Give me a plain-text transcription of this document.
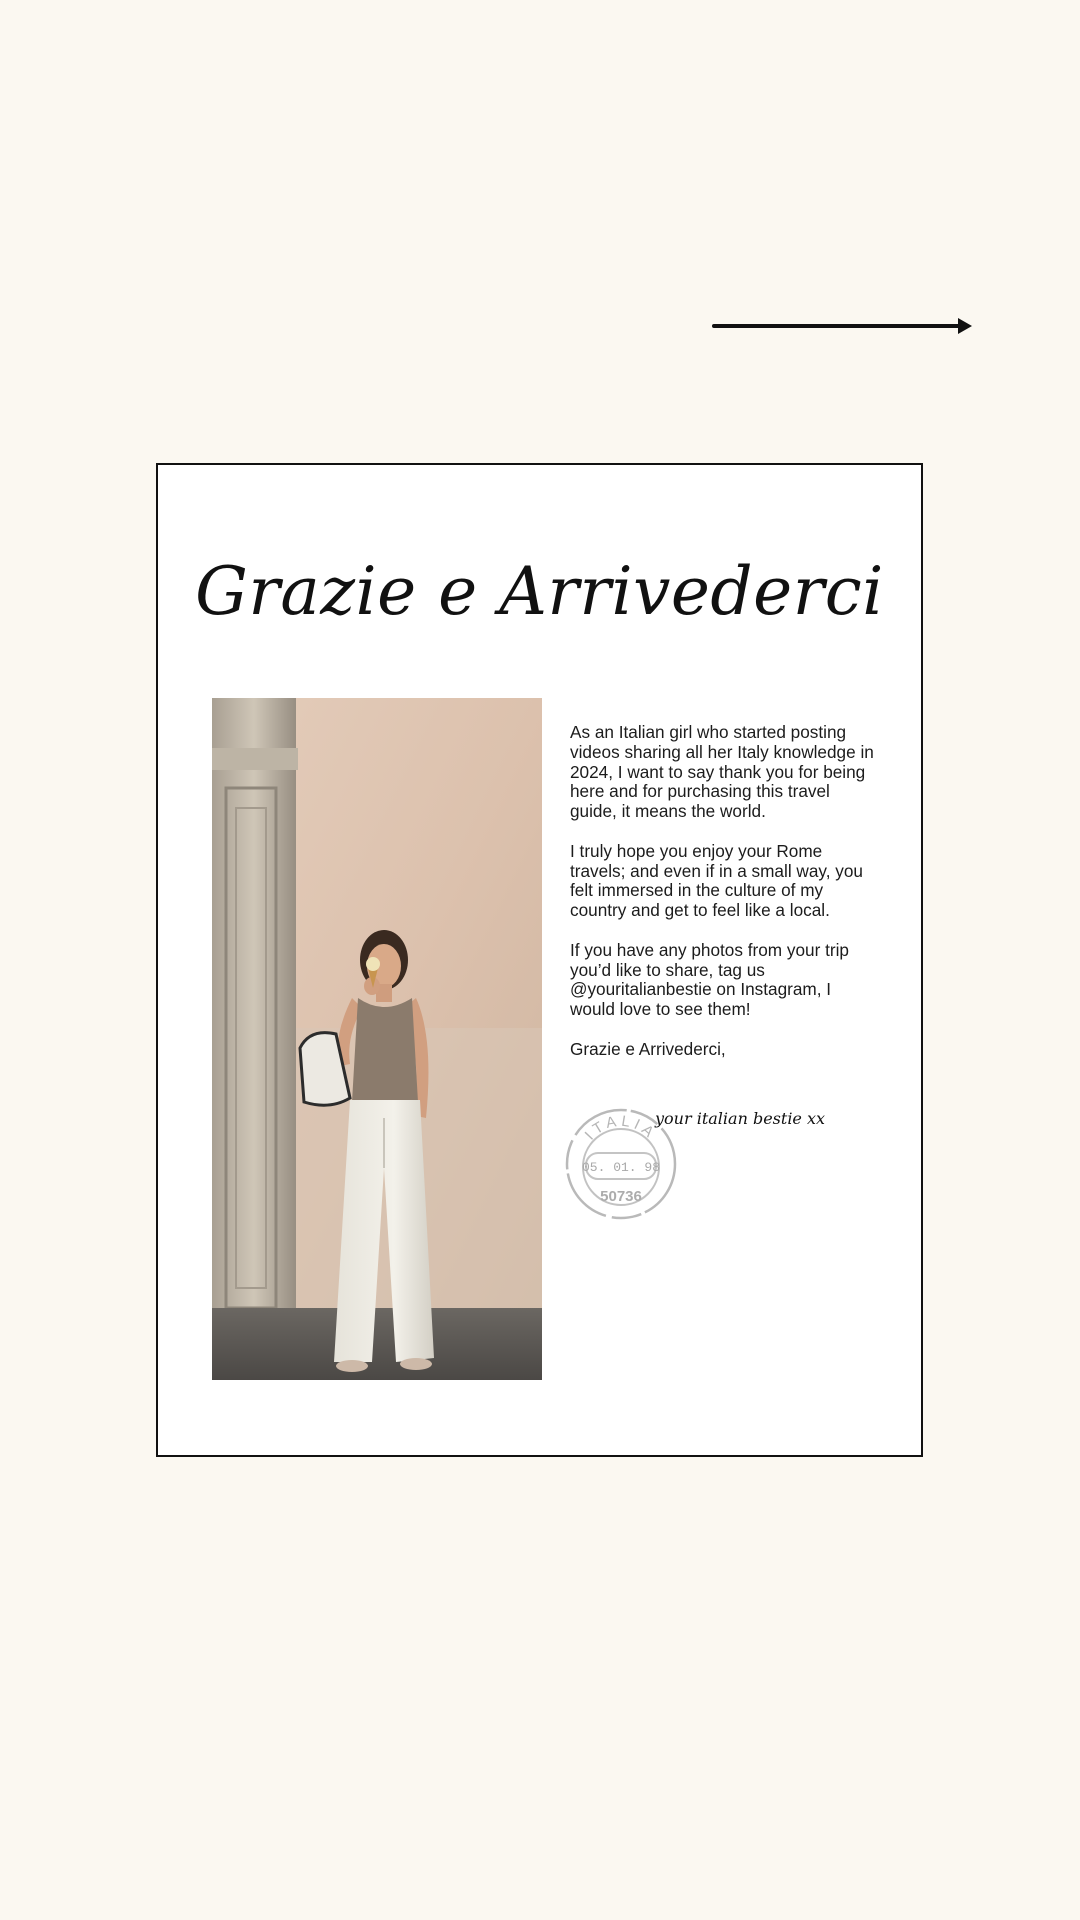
Grazie e Arrivederci

As an Italian girl who started posting videos sharing all her Italy knowledge in 2024, I want to say thank you for being here and for purchasing this travel guide, it means the world.

I truly hope you enjoy your Rome travels; and even if in a small way, you felt immersed in the culture of my country and get to feel like a local.

If you have any photos from your trip you’d like to share, tag us @youritalianbestie on Instagram, I would love to see them!

Grazie e Arrivederci,

ITALIA
05. 01. 98
50736
your italian bestie xx
